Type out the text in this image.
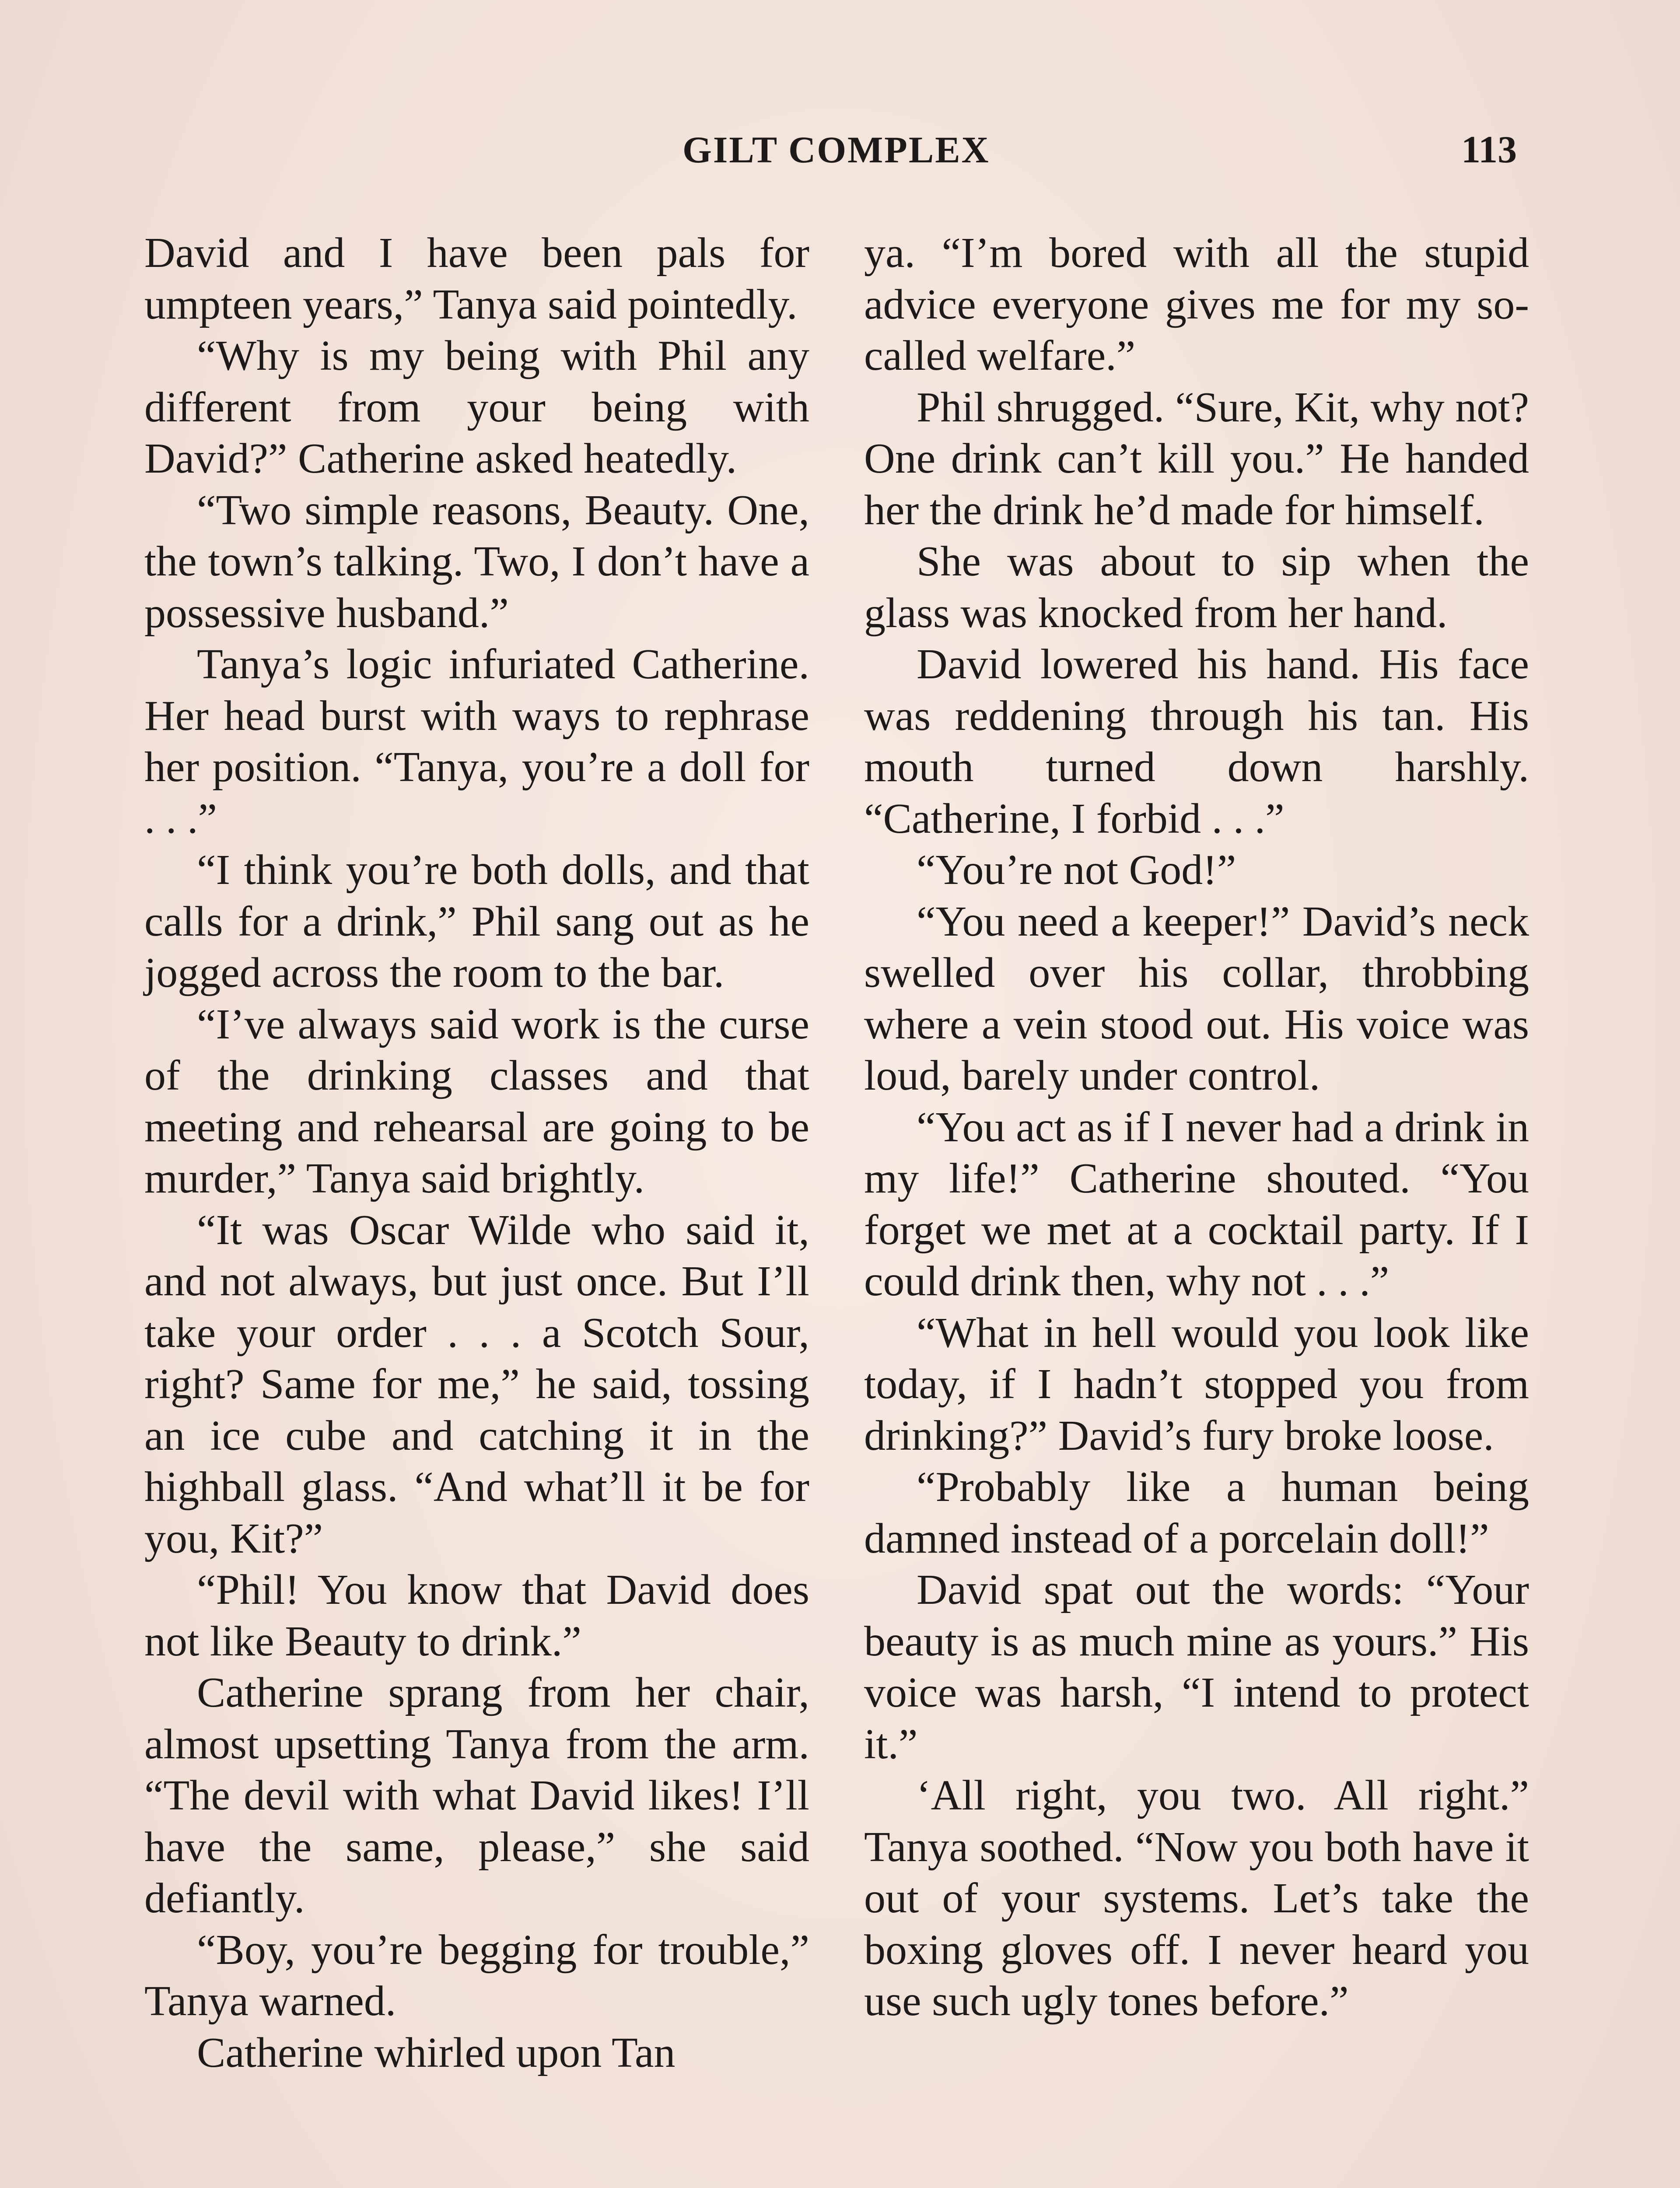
GILT COMPLEX	113

David and I have been pals for umpteen years,” Tanya said pointedly.

“Why is my being with Phil any different from your being with David?” Catherine asked heatedly.

“Two simple reasons, Beauty. One, the town’s talking. Two, I don’t have a possessive husband.”

Tanya’s logic infuriated Catherine. Her head burst with ways to rephrase her position. “Tanya, you’re a doll for . . .”

“I think you’re both dolls, and that calls for a drink,” Phil sang out as he jogged across the room to the bar.

“I’ve always said work is the curse of the drinking classes and that meeting and rehearsal are going to be murder,” Tanya said brightly.

“It was Oscar Wilde who said it, and not always, but just once. But I’ll take your order . . . a Scotch Sour, right? Same for me,” he said, tossing an ice cube and catching it in the highball glass. “And what’ll it be for you, Kit?”

“Phil! You know that David does not like Beauty to drink.”

Catherine sprang from her chair, almost upsetting Tanya from the arm. “The devil with what David likes! I’ll have the same, please,” she said defiantly.

“Boy, you’re begging for trouble,” Tanya warned.

Catherine whirled upon Tan

ya. “I’m bored with all the stupid advice everyone gives me for my so-called welfare.”

Phil shrugged. “Sure, Kit, why not? One drink can’t kill you.” He handed her the drink he’d made for himself.

She was about to sip when the glass was knocked from her hand.

David lowered his hand. His face was reddening through his tan. His mouth turned down harshly. “Catherine, I forbid . . .”

“You’re not God!”

“You need a keeper!” David’s neck swelled over his collar, throbbing where a vein stood out. His voice was loud, barely under control.

“You act as if I never had a drink in my life!” Catherine shouted. “You forget we met at a cocktail party. If I could drink then, why not . . .”

“What in hell would you look like today, if I hadn’t stopped you from drinking?” David’s fury broke loose.

“Probably like a human being damned instead of a porcelain doll!”

David spat out the words: “Your beauty is as much mine as yours.” His voice was harsh, “I intend to protect it.”

‘All right, you two. All right.” Tanya soothed. “Now you both have it out of your systems. Let’s take the boxing gloves off. I never heard you use such ugly tones before.”
